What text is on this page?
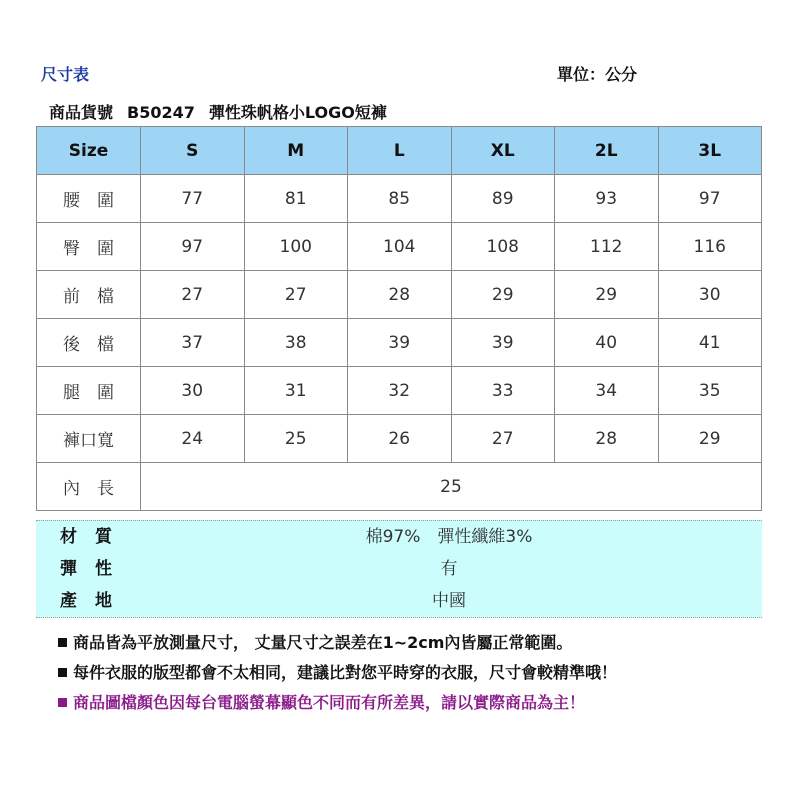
尺寸表	單位：公分
商品貨號 B50247 彈性珠帆格小LOGO短褲
Size	S	M	L	XL	2L	3L
腰　圍	77	81	85	89	93	97
臀　圍	97	100	104	108	112	116
前　檔	27	27	28	29	29	30
後　檔	37	38	39	39	40	41
腿　圍	30	31	32	33	34	35
褲口寬	24	25	26	27	28	29
內　長	25					
材質	棉97%　彈性纖維3%
彈性	有
產地	中國
商品皆為平放測量尺寸， 丈量尺寸之誤差在1~2cm內皆屬正常範圍。
每件衣服的版型都會不太相同，建議比對您平時穿的衣服，尺寸會較精準哦！
商品圖檔顏色因每台電腦螢幕顯色不同而有所差異，請以實際商品為主！
